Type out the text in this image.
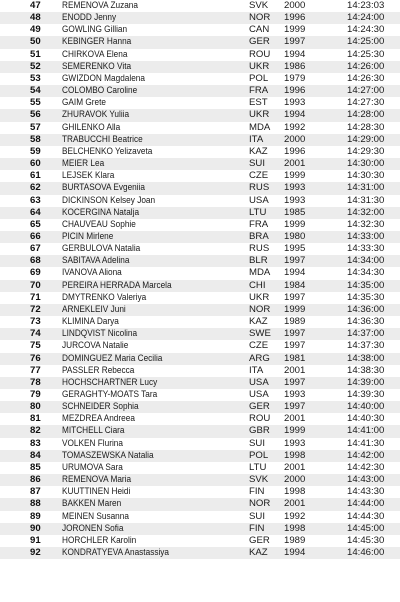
47	REMENOVA Zuzana	SVK	2000	14:23:03
48	ENODD Jenny	NOR	1996	14:24:00
49	GOWLING Gillian	CAN	1999	14:24:30
50	KEBINGER Hanna	GER	1997	14:25:00
51	CHIRKOVA Elena	ROU	1994	14:25:30
52	SEMERENKO Vita	UKR	1986	14:26:00
53	GWIZDON Magdalena	POL	1979	14:26:30
54	COLOMBO Caroline	FRA	1996	14:27:00
55	GAIM Grete	EST	1993	14:27:30
56	ZHURAVOK Yuliia	UKR	1994	14:28:00
57	GHILENKO Alla	MDA	1992	14:28:30
58	TRABUCCHI Beatrice	ITA	2000	14:29:00
59	BELCHENKO Yelizaveta	KAZ	1996	14:29:30
60	MEIER Lea	SUI	2001	14:30:00
61	LEJSEK Klara	CZE	1999	14:30:30
62	BURTASOVA Evgeniia	RUS	1993	14:31:00
63	DICKINSON Kelsey Joan	USA	1993	14:31:30
64	KOCERGINA Natalja	LTU	1985	14:32:00
65	CHAUVEAU Sophie	FRA	1999	14:32:30
66	PICIN Mirlene	BRA	1980	14:33:00
67	GERBULOVA Natalia	RUS	1995	14:33:30
68	SABITAVA Adelina	BLR	1997	14:34:00
69	IVANOVA Aliona	MDA	1994	14:34:30
70	PEREIRA HERRADA Marcela	CHI	1984	14:35:00
71	DMYTRENKO Valeriya	UKR	1997	14:35:30
72	ARNEKLEIV Juni	NOR	1999	14:36:00
73	KLIMINA Darya	KAZ	1989	14:36:30
74	LINDQVIST Nicolina	SWE	1997	14:37:00
75	JURCOVA Natalie	CZE	1997	14:37:30
76	DOMINGUEZ Maria Cecilia	ARG	1981	14:38:00
77	PASSLER Rebecca	ITA	2001	14:38:30
78	HOCHSCHARTNER Lucy	USA	1997	14:39:00
79	GERAGHTY-MOATS Tara	USA	1993	14:39:30
80	SCHNEIDER Sophia	GER	1997	14:40:00
81	MEZDREA Andreea	ROU	2001	14:40:30
82	MITCHELL Ciara	GBR	1999	14:41:00
83	VOLKEN Flurina	SUI	1993	14:41:30
84	TOMASZEWSKA Natalia	POL	1998	14:42:00
85	URUMOVA Sara	LTU	2001	14:42:30
86	REMENOVA Maria	SVK	2000	14:43:00
87	KUUTTINEN Heidi	FIN	1998	14:43:30
88	BAKKEN Maren	NOR	2001	14:44:00
89	MEINEN Susanna	SUI	1992	14:44:30
90	JORONEN Sofia	FIN	1998	14:45:00
91	HORCHLER Karolin	GER	1989	14:45:30
92	KONDRATYEVA Anastassiya	KAZ	1994	14:46:00
